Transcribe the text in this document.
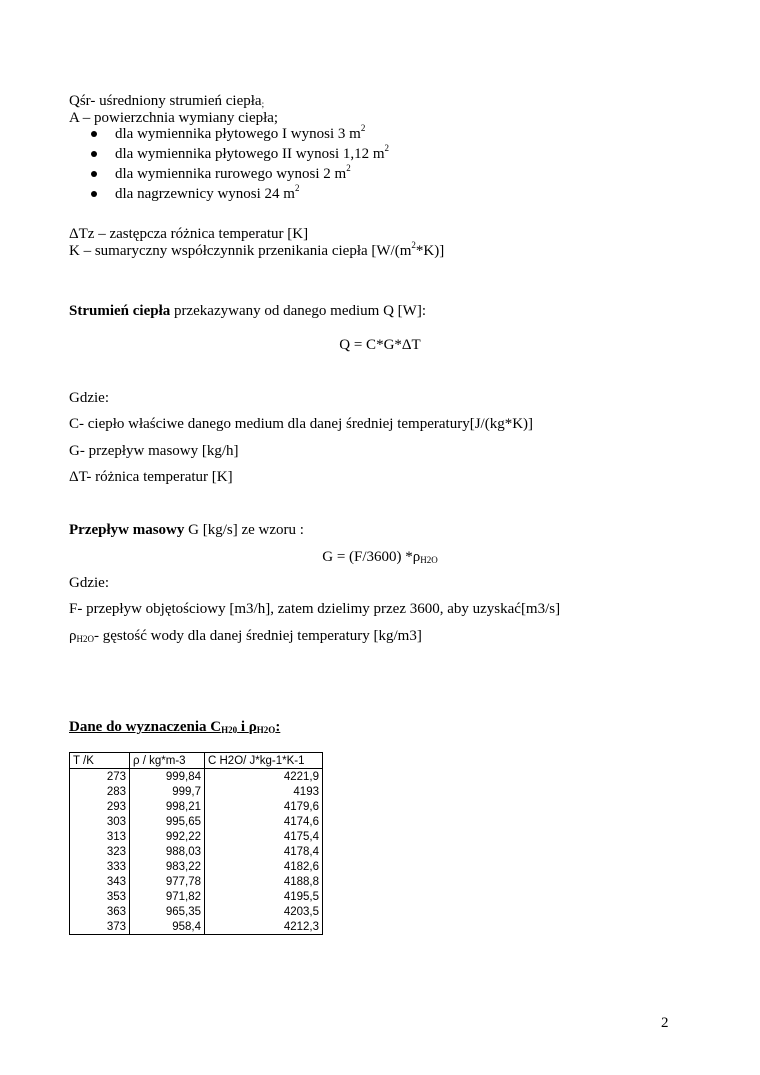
Qśr- uśredniony strumień ciepła;
A – powierzchnia wymiany ciepła;
dla wymiennika płytowego I wynosi 3 $m^2$
dla wymiennika płytowego II wynosi 1,12 $m^2$
dla wymiennika rurowego wynosi 2 $m^2$
dla nagrzewnicy wynosi 24 $m^2$
ΔTz – zastępcza różnica temperatur [K]
K – sumaryczny współczynnik przenikania ciepła $[W/(m^2*K)]$
Strumień ciepła przekazywany od danego medium Q [W]:
Q = C*G*ΔT
Gdzie:
C- ciepło właściwe danego medium dla danej średniej temperatury[J/(kg*K)]
G- przepływ masowy [kg/h]
ΔT- różnica temperatur [K]
Przepływ masowy G [kg/s] ze wzoru :
G = (F/3600) $*\rho_{H2O}$
Gdzie:
F- przepływ objętościowy [m3/h], zatem dzielimy przez 3600, aby uzyskać[m3/s]
$\rho_{H2O}-$ gęstość wody dla danej średniej temperatury [kg/m3]
Dane do wyznaczenia $C_{H20}$ i $\rho_{H2O}$:
T /K	ρ / kg*m-3	C H2O/ J*kg-1*K-1
273	999,84	4221,9
283	999,7	4193
293	998,21	4179,6
303	995,65	4174,6
313	992,22	4175,4
323	988,03	4178,4
333	983,22	4182,6
343	977,78	4188,8
353	971,82	4195,5
363	965,35	4203,5
373	958,4	4212,3
2
